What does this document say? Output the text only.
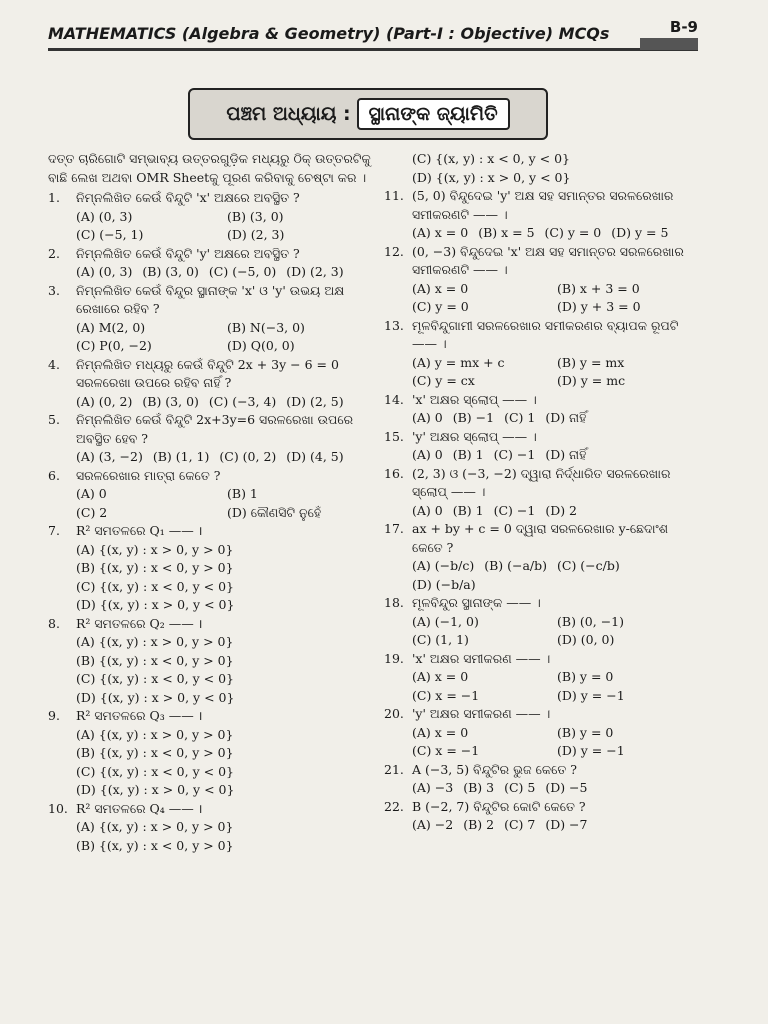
B-9
MATHEMATICS (Algebra & Geometry) (Part-I : Objective) MCQs
ପଞ୍ଚମ ଅଧ୍ୟାୟ : ସ୍ଥାନାଙ୍କ ଜ୍ୟାମିତି
ଦତ୍ତ ଚାରିଗୋଟି ସମ୍ଭାବ୍ୟ ଉତ୍ତରଗୁଡ଼ିକ ମଧ୍ୟରୁ ଠିକ୍ ଉତ୍ତରଟିକୁ ବାଛି ଲେଖ ଅଥବା OMR Sheetକୁ ପୂରଣ କରିବାକୁ ଚେଷ୍ଟା କର ।
1.	ନିମ୍ନଲିଖିତ କେଉଁ ବିନ୍ଦୁଟି 'x' ଅକ୍ଷରେ ଅବସ୍ଥିତ ?
(A) (0, 3)	(B) (3, 0)
(C) (−5, 1)	(D) (2, 3)
2.	ନିମ୍ନଲିଖିତ କେଉଁ ବିନ୍ଦୁଟି 'y' ଅକ୍ଷରେ ଅବସ୍ଥିତ ?
(A) (0, 3) (B) (3, 0) (C) (−5, 0) (D) (2, 3)
3.	ନିମ୍ନଲିଖିତ କେଉଁ ବିନ୍ଦୁର ସ୍ଥାନାଙ୍କ 'x' ଓ 'y' ଉଭୟ ଅକ୍ଷ ରେଖାରେ ରହିବ ?
(A) M(2, 0)	(B) N(−3, 0)
(C) P(0, −2)	(D) Q(0, 0)
4.	ନିମ୍ନଲିଖିତ ମଧ୍ୟରୁ କେଉଁ ବିନ୍ଦୁଟି 2x + 3y − 6 = 0 ସରଳରେଖା ଉପରେ ରହିବ ନାହିଁ ?
(A) (0, 2) (B) (3, 0) (C) (−3, 4) (D) (2, 5)
5.	ନିମ୍ନଲିଖିତ କେଉଁ ବିନ୍ଦୁଟି 2x+3y=6 ସରଳରେଖା ଉପରେ ଅବସ୍ଥିତ ହେବ ?
(A) (3, −2) (B) (1, 1) (C) (0, 2) (D) (4, 5)
6.	ସରଳରେଖାର ମାତ୍ରା କେତେ ?
(A) 0	(B) 1
(C) 2	(D) କୌଣସିଟି ନୁହେଁ
7.	R² ସମତଳରେ Q₁ —— ।
(A) {(x, y) : x > 0, y > 0}
(B) {(x, y) : x < 0, y > 0}
(C) {(x, y) : x < 0, y < 0}
(D) {(x, y) : x > 0, y < 0}
8.	R² ସମତଳରେ Q₂ —— ।
(A) {(x, y) : x > 0, y > 0}
(B) {(x, y) : x < 0, y > 0}
(C) {(x, y) : x < 0, y < 0}
(D) {(x, y) : x > 0, y < 0}
9.	R² ସମତଳରେ Q₃ —— ।
(A) {(x, y) : x > 0, y > 0}
(B) {(x, y) : x < 0, y > 0}
(C) {(x, y) : x < 0, y < 0}
(D) {(x, y) : x > 0, y < 0}
10. R² ସମତଳରେ Q₄ —— ।
(A) {(x, y) : x > 0, y > 0}
(B) {(x, y) : x < 0, y > 0}
(C) {(x, y) : x < 0, y < 0}
(D) {(x, y) : x > 0, y < 0}
11. (5, 0) ବିନ୍ଦୁଦେଇ 'y' ଅକ୍ଷ ସହ ସମାନ୍ତର ସରଳରେଖାର ସମୀକରଣଟି —— ।
(A) x = 0 (B) x = 5 (C) y = 0 (D) y = 5
12. (0, −3) ବିନ୍ଦୁଦେଇ 'x' ଅକ୍ଷ ସହ ସମାନ୍ତର ସରଳରେଖାର ସମୀକରଣଟି —— ।
(A) x = 0	(B) x + 3 = 0
(C) y = 0	(D) y + 3 = 0
13. ମୂଳବିନ୍ଦୁଗାମୀ ସରଳରେଖାର ସମୀକରଣର ବ୍ୟାପକ ରୂପଟି —— ।
(A) y = mx + c	(B) y = mx
(C) y = cx	(D) y = mc
14. 'x' ଅକ୍ଷର ସ୍ଲୋପ୍ —— ।
(A) 0 (B) −1 (C) 1 (D) ନାହିଁ
15. 'y' ଅକ୍ଷର ସ୍ଲୋପ୍ —— ।
(A) 0 (B) 1 (C) −1 (D) ନାହିଁ
16. (2, 3) ଓ (−3, −2) ଦ୍ୱାରା ନିର୍ଦ୍ଧାରିତ ସରଳରେଖାର ସ୍ଲୋପ୍ —— ।
(A) 0 (B) 1 (C) −1 (D) 2
17. ax + by + c = 0 ଦ୍ୱାରା ସରଳରେଖାର y-ଛେଦାଂଶ କେତେ ?
(A) (−b/c) (B) (−a/b) (C) (−c/b)
(D) (−b/a)
18. ମୂଳବିନ୍ଦୁର ସ୍ଥାନାଙ୍କ —— ।
(A) (−1, 0)	(B) (0, −1)
(C) (1, 1)	(D) (0, 0)
19. 'x' ଅକ୍ଷର ସମୀକରଣ —— ।
(A) x = 0	(B) y = 0
(C) x = −1	(D) y = −1
20. 'y' ଅକ୍ଷର ସମୀକରଣ —— ।
(A) x = 0	(B) y = 0
(C) x = −1	(D) y = −1
21. A (−3, 5) ବିନ୍ଦୁଟିର ଭୁଜ କେତେ ?
(A) −3 (B) 3 (C) 5 (D) −5
22. B (−2, 7) ବିନ୍ଦୁଟିର କୋଟି କେତେ ?
(A) −2 (B) 2 (C) 7 (D) −7
